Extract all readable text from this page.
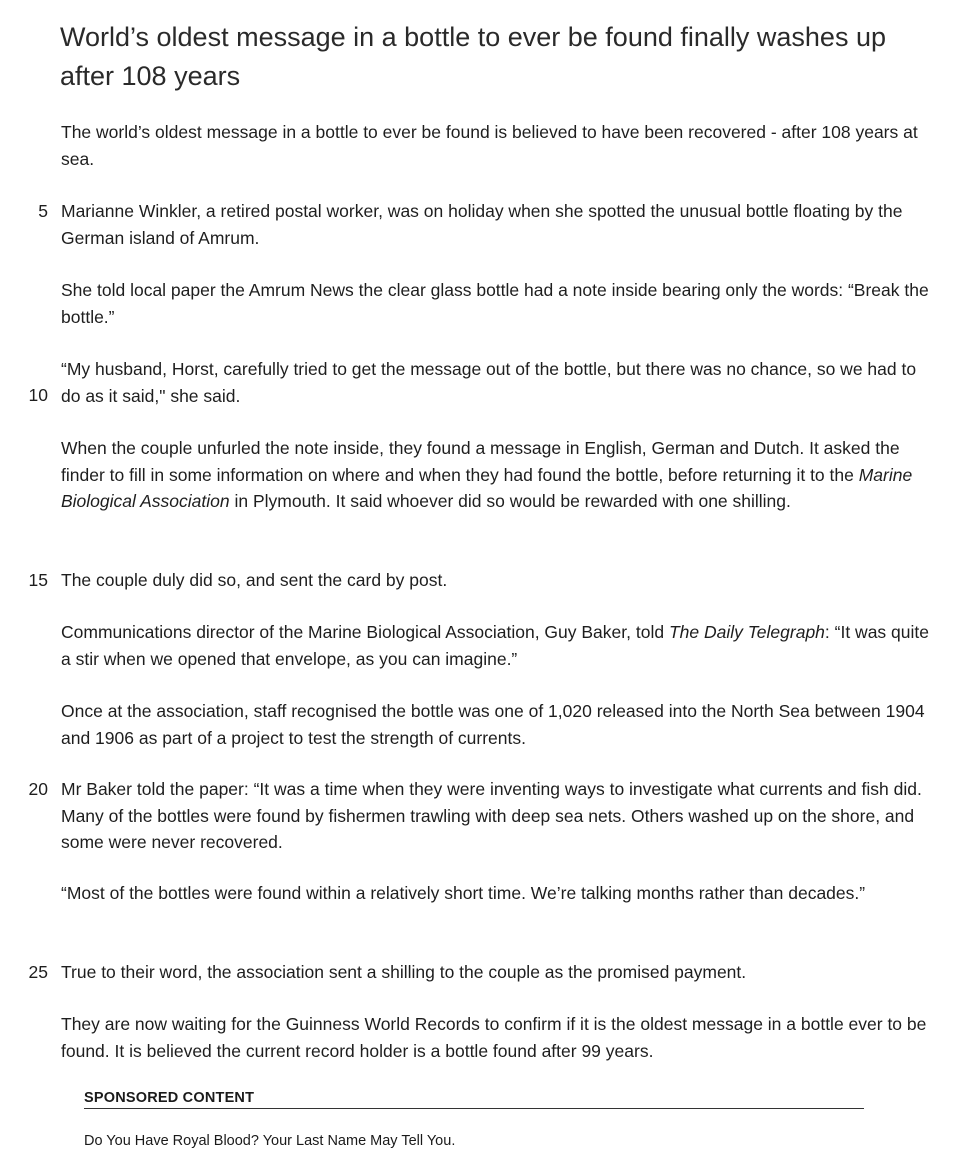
World’s oldest message in a bottle to ever be found finally washes up after 108 years

The world’s oldest message in a bottle to ever be found is believed to have been recovered - after 108 years at sea.

5 Marianne Winkler, a retired postal worker, was on holiday when she spotted the unusual bottle floating by the German island of Amrum.

She told local paper the Amrum News the clear glass bottle had a note inside bearing only the words: “Break the bottle.”

10

“My husband, Horst, carefully tried to get the message out of the bottle, but there was no chance, so we had to do as it said," she said.

When the couple unfurled the note inside, they found a message in English, German and Dutch. It asked the finder to fill in some information on where and when they had found the bottle, before returning it to the Marine Biological Association in Plymouth. It said whoever did so would be rewarded with one shilling.

15 The couple duly did so, and sent the card by post.

Communications director of the Marine Biological Association, Guy Baker, told The Daily Telegraph: “It was quite a stir when we opened that envelope, as you can imagine.”

Once at the association, staff recognised the bottle was one of 1,020 released into the North Sea between 1904 and 1906 as part of a project to test the strength of currents.

20 Mr Baker told the paper: “It was a time when they were inventing ways to investigate what currents and fish did. Many of the bottles were found by fishermen trawling with deep sea nets. Others washed up on the shore, and some were never recovered.

“Most of the bottles were found within a relatively short time. We’re talking months rather than decades.”

25 True to their word, the association sent a shilling to the couple as the promised payment.

They are now waiting for the Guinness World Records to confirm if it is the oldest message in a bottle ever to be found. It is believed the current record holder is a bottle found after 99 years.

SPONSORED CONTENT

Do You Have Royal Blood? Your Last Name May Tell You.
